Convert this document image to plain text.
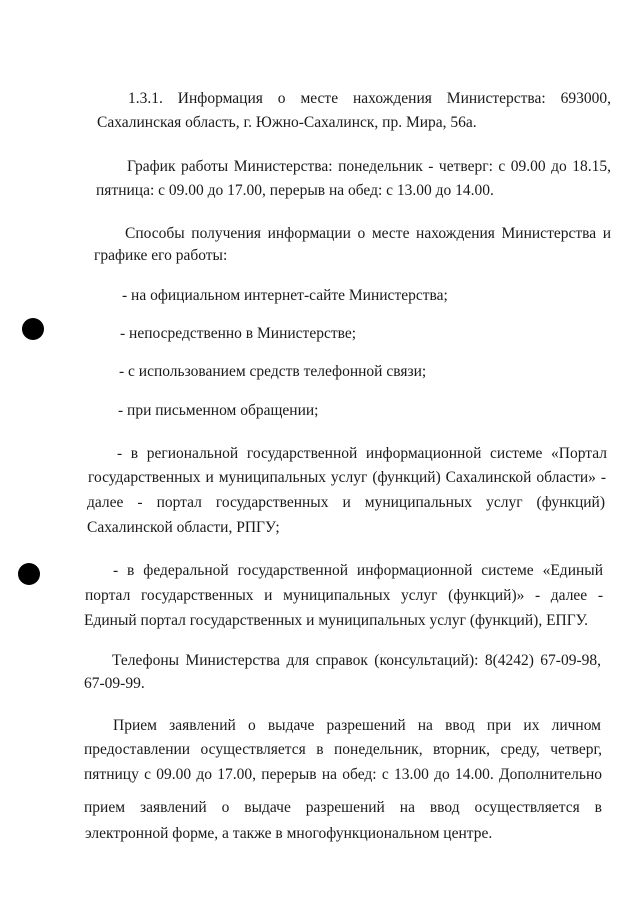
1.3.1. Информация о месте нахождения Министерства: 693000,
Сахалинская область, г. Южно-Сахалинск, пр. Мира, 56а.
График работы Министерства: понедельник - четверг: с 09.00 до 18.15,
пятница: с 09.00 до 17.00, перерыв на обед: с 13.00 до 14.00.
Способы получения информации о месте нахождения Министерства и
графике его работы:
- на официальном интернет-сайте Министерства;
- непосредственно в Министерстве;
- с использованием средств телефонной связи;
- при письменном обращении;
- в региональной государственной информационной системе «Портал
государственных и муниципальных услуг (функций) Сахалинской области» -
далее - портал государственных и муниципальных услуг (функций)
Сахалинской области, РПГУ;
- в федеральной государственной информационной системе «Единый
портал государственных и муниципальных услуг (функций)» - далее -
Единый портал государственных и муниципальных услуг (функций), ЕПГУ.
Телефоны Министерства для справок (консультаций): 8(4242) 67-09-98,
67-09-99.
Прием заявлений о выдаче разрешений на ввод при их личном
предоставлении осуществляется в понедельник, вторник, среду, четверг,
пятницу с 09.00 до 17.00, перерыв на обед: с 13.00 до 14.00. Дополнительно
прием заявлений о выдаче разрешений на ввод осуществляется в
электронной форме, а также в многофункциональном центре.
